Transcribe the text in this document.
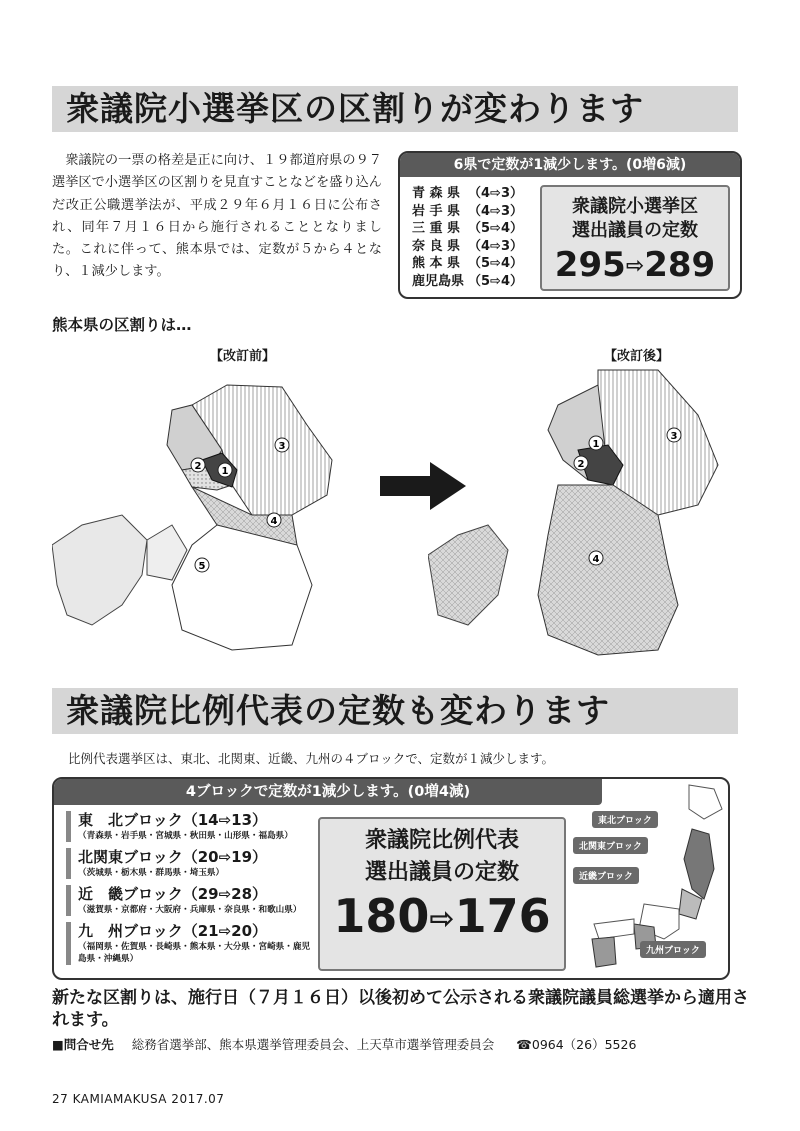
衆議院小選挙区の区割りが変わります

衆議院の一票の格差是正に向け、１９都道府県の９７選挙区で小選挙区の区割りを見直すことなどを盛り込んだ改正公職選挙法が、平成２９年６月１６日に公布され、同年７月１６日から施行されることとなりました。これに伴って、熊本県では、定数が５から４となり、１減少します。

6県で定数が1減少します。(0増6減)
青 森 県 （4⇨3）
岩 手 県 （4⇨3）
三 重 県 （5⇨4）
奈 良 県 （4⇨3）
熊 本 県 （5⇨4）
鹿児島県 （5⇨4）
衆議院小選挙区
選出議員の定数
295⇨289
熊本県の区割りは…
【改訂前】	【改訂後】
3
2 1
4
5
3
2
1
4
衆議院比例代表の定数も変わります
比例代表選挙区は、東北、北関東、近畿、九州の４ブロックで、定数が１減少します。
4ブロックで定数が1減少します。(0増4減)
東　北ブロック（14⇨13）
（青森県・岩手県・宮城県・秋田県・山形県・福島県）
北関東ブロック（20⇨19）
（茨城県・栃木県・群馬県・埼玉県）
近　畿ブロック（29⇨28）
（滋賀県・京都府・大阪府・兵庫県・奈良県・和歌山県）
九　州ブロック（21⇨20）
（福岡県・佐賀県・長崎県・熊本県・大分県・宮崎県・鹿児島県・沖縄県）
衆議院比例代表
選出議員の定数
180⇨176
東北ブロック
北関東ブロック
近畿ブロック
九州ブロック
新たな区割りは、施行日（７月１６日）以後初めて公示される衆議院議員総選挙から適用されます。
■問合せ先 総務省選挙部、熊本県選挙管理委員会、上天草市選挙管理委員会 ☎0964（26）5526
27 KAMIAMAKUSA 2017.07
